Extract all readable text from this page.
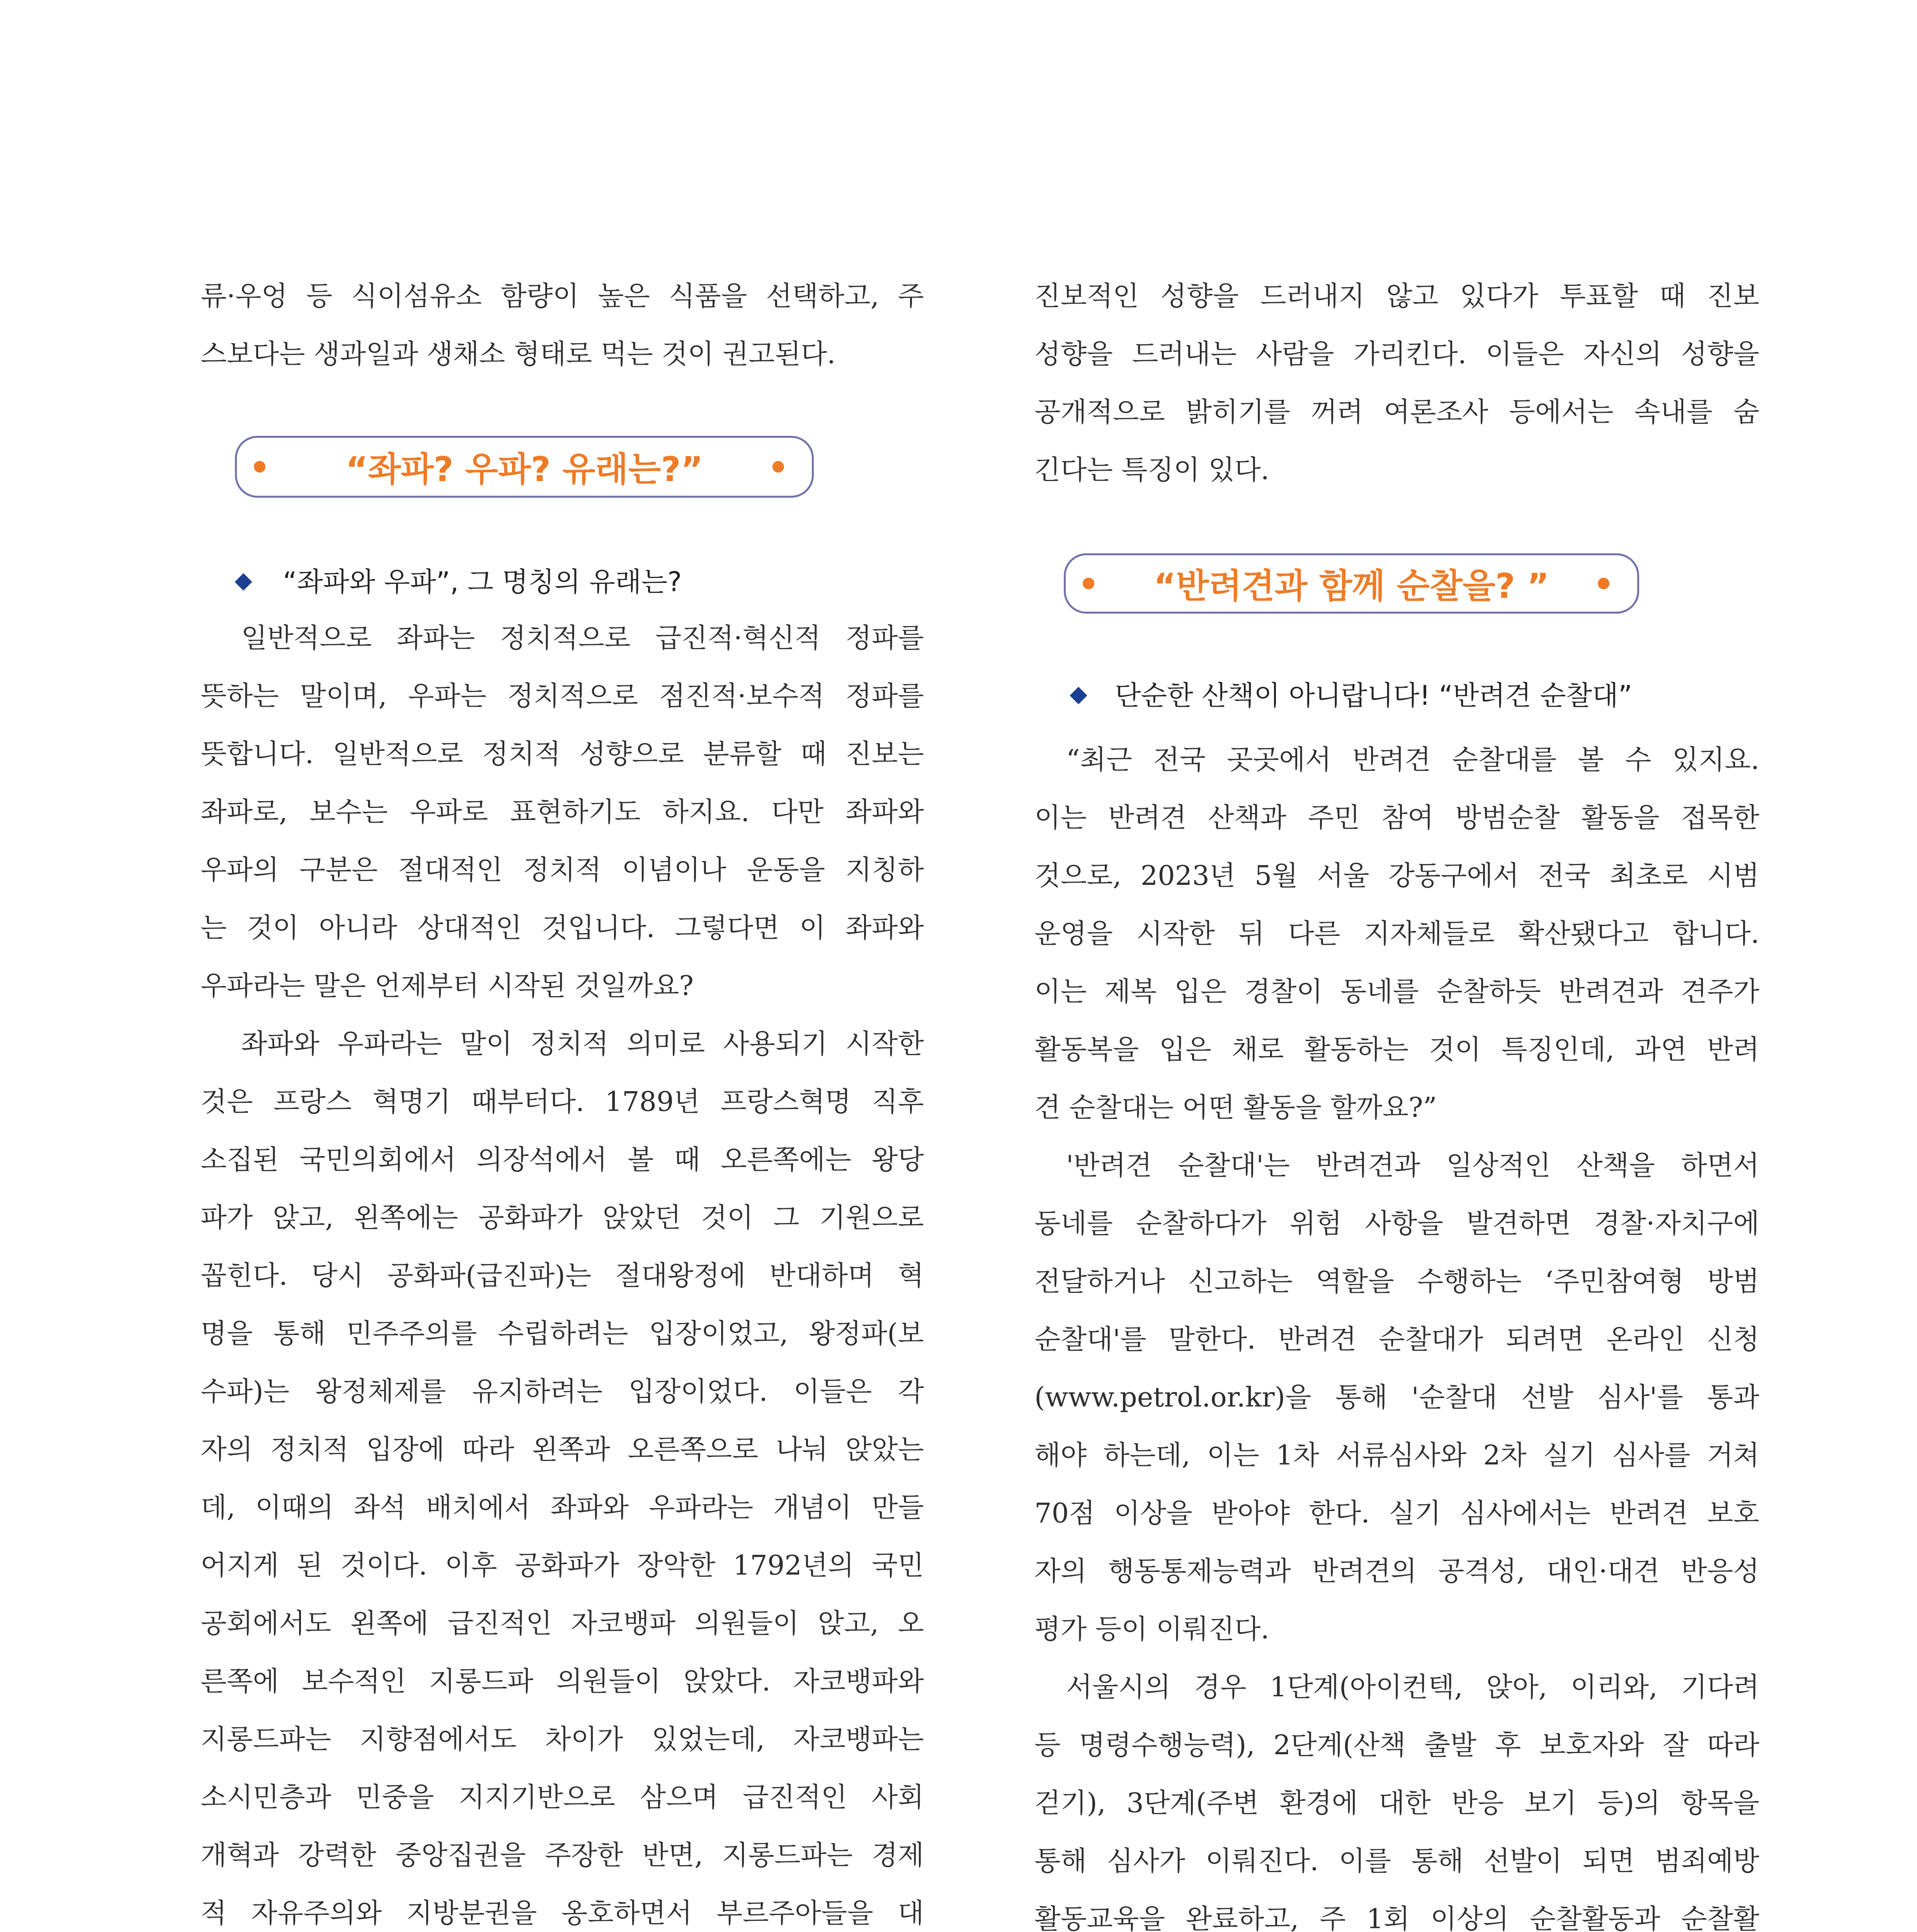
류·우엉 등 식이섬유소 함량이 높은 식품을 선택하고, 주
스보다는 생과일과 생채소 형태로 먹는 것이 권고된다.
“좌파? 우파? 유래는?”
“좌파와 우파”, 그 명칭의 유래는?
일반적으로 좌파는 정치적으로 급진적·혁신적 정파를
뜻하는 말이며, 우파는 정치적으로 점진적·보수적 정파를
뜻합니다. 일반적으로 정치적 성향으로 분류할 때 진보는
좌파로, 보수는 우파로 표현하기도 하지요. 다만 좌파와
우파의 구분은 절대적인 정치적 이념이나 운동을 지칭하
는 것이 아니라 상대적인 것입니다. 그렇다면 이 좌파와
우파라는 말은 언제부터 시작된 것일까요?
좌파와 우파라는 말이 정치적 의미로 사용되기 시작한
것은 프랑스 혁명기 때부터다. 1789년 프랑스혁명 직후
소집된 국민의회에서 의장석에서 볼 때 오른쪽에는 왕당
파가 앉고, 왼쪽에는 공화파가 앉았던 것이 그 기원으로
꼽힌다. 당시 공화파(급진파)는 절대왕정에 반대하며 혁
명을 통해 민주주의를 수립하려는 입장이었고, 왕정파(보
수파)는 왕정체제를 유지하려는 입장이었다. 이들은 각
자의 정치적 입장에 따라 왼쪽과 오른쪽으로 나눠 앉았는
데, 이때의 좌석 배치에서 좌파와 우파라는 개념이 만들
어지게 된 것이다. 이후 공화파가 장악한 1792년의 국민
공회에서도 왼쪽에 급진적인 자코뱅파 의원들이 앉고, 오
른쪽에 보수적인 지롱드파 의원들이 앉았다. 자코뱅파와
지롱드파는 지향점에서도 차이가 있었는데, 자코뱅파는
소시민층과 민중을 지지기반으로 삼으며 급진적인 사회
개혁과 강력한 중앙집권을 주장한 반면, 지롱드파는 경제
적 자유주의와 지방분권을 옹호하면서 부르주아들을 대
진보적인 성향을 드러내지 않고 있다가 투표할 때 진보
성향을 드러내는 사람을 가리킨다. 이들은 자신의 성향을
공개적으로 밝히기를 꺼려 여론조사 등에서는 속내를 숨
긴다는 특징이 있다.
“반려견과 함께 순찰을? ”
단순한 산책이 아니랍니다! “반려견 순찰대”
“최근 전국 곳곳에서 반려견 순찰대를 볼 수 있지요.
이는 반려견 산책과 주민 참여 방범순찰 활동을 접목한
것으로, 2023년 5월 서울 강동구에서 전국 최초로 시범
운영을 시작한 뒤 다른 지자체들로 확산됐다고 합니다.
이는 제복 입은 경찰이 동네를 순찰하듯 반려견과 견주가
활동복을 입은 채로 활동하는 것이 특징인데, 과연 반려
견 순찰대는 어떤 활동을 할까요?”
'반려견 순찰대'는 반려견과 일상적인 산책을 하면서
동네를 순찰하다가 위험 사항을 발견하면 경찰·자치구에
전달하거나 신고하는 역할을 수행하는 ‘주민참여형 방범
순찰대'를 말한다. 반려견 순찰대가 되려면 온라인 신청
(www.petrol.or.kr)을 통해 '순찰대 선발 심사'를 통과
해야 하는데, 이는 1차 서류심사와 2차 실기 심사를 거쳐
70점 이상을 받아야 한다. 실기 심사에서는 반려견 보호
자의 행동통제능력과 반려견의 공격성, 대인·대견 반응성
평가 등이 이뤄진다.
서울시의 경우 1단계(아이컨텍, 앉아, 이리와, 기다려
등 명령수행능력), 2단계(산책 출발 후 보호자와 잘 따라
걷기), 3단계(주변 환경에 대한 반응 보기 등)의 항목을
통해 심사가 이뤄진다. 이를 통해 선발이 되면 범죄예방
활동교육을 완료하고, 주 1회 이상의 순찰활동과 순찰활
